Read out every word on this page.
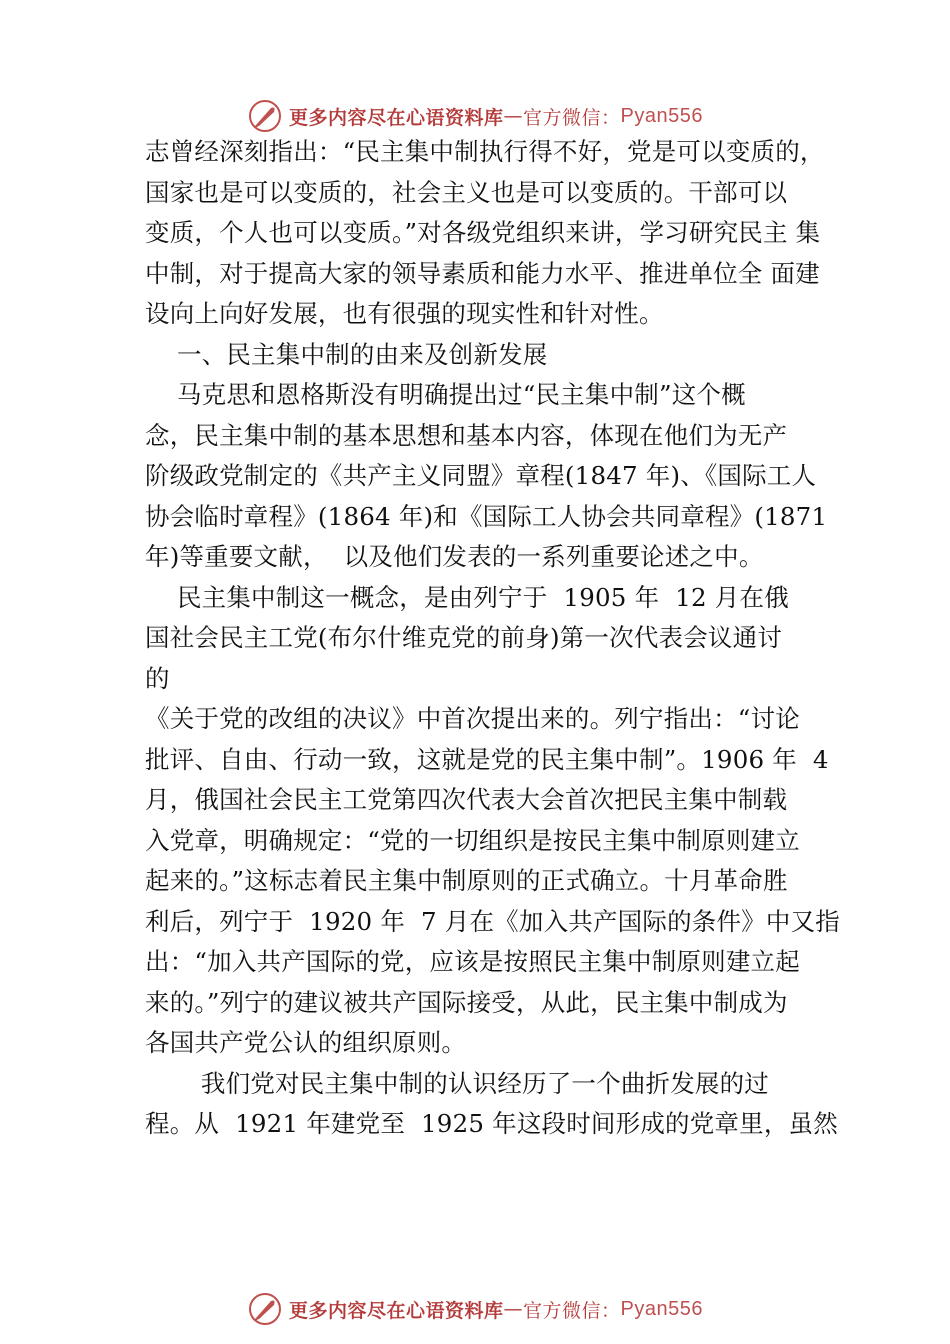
更多内容尽在心语资料库 — 官方微信： Pyan556
志曾经深刻指出：“民主集中制执行得不好，党是可以变质的，
国家也是可以变质的，社会主义也是可以变质的。干部可以
变质，个人也可以变质。”对各级党组织来讲，学习研究民主 集
中制，对于提高大家的领导素质和能力水平、推进单位全 面建
设向上向好发展，也有很强的现实性和针对性。
一、民主集中制的由来及创新发展
马克思和恩格斯没有明确提出过“民主集中制”这个概
念，民主集中制的基本思想和基本内容，体现在他们为无产
阶级政党制定的《共产主义同盟》章程(1847 年)、《国际工人
协会临时章程》(1864 年)和《国际工人协会共同章程》(1871
年)等重要文献，  以及他们发表的一系列重要论述之中。
民主集中制这一概念，是由列宁于  1905 年  12 月在俄
国社会民主工党(布尔什维克党的前身)第一次代表会议通讨
的
《关于党的改组的决议》中首次提出来的。列宁指出：“讨论
批评、自由、行动一致，这就是党的民主集中制”。1906 年  4
月，俄国社会民主工党第四次代表大会首次把民主集中制载
入党章，明确规定：“党的一切组织是按民主集中制原则建立
起来的。”这标志着民主集中制原则的正式确立。十月革命胜
利后，列宁于  1920 年  7 月在《加入共产国际的条件》中又指
出：“加入共产国际的党，应该是按照民主集中制原则建立起
来的。”列宁的建议被共产国际接受，从此，民主集中制成为
各国共产党公认的组织原则。
我们党对民主集中制的认识经历了一个曲折发展的过
程。从  1921 年建党至  1925 年这段时间形成的党章里，虽然
更多内容尽在心语资料库 — 官方微信： Pyan556
